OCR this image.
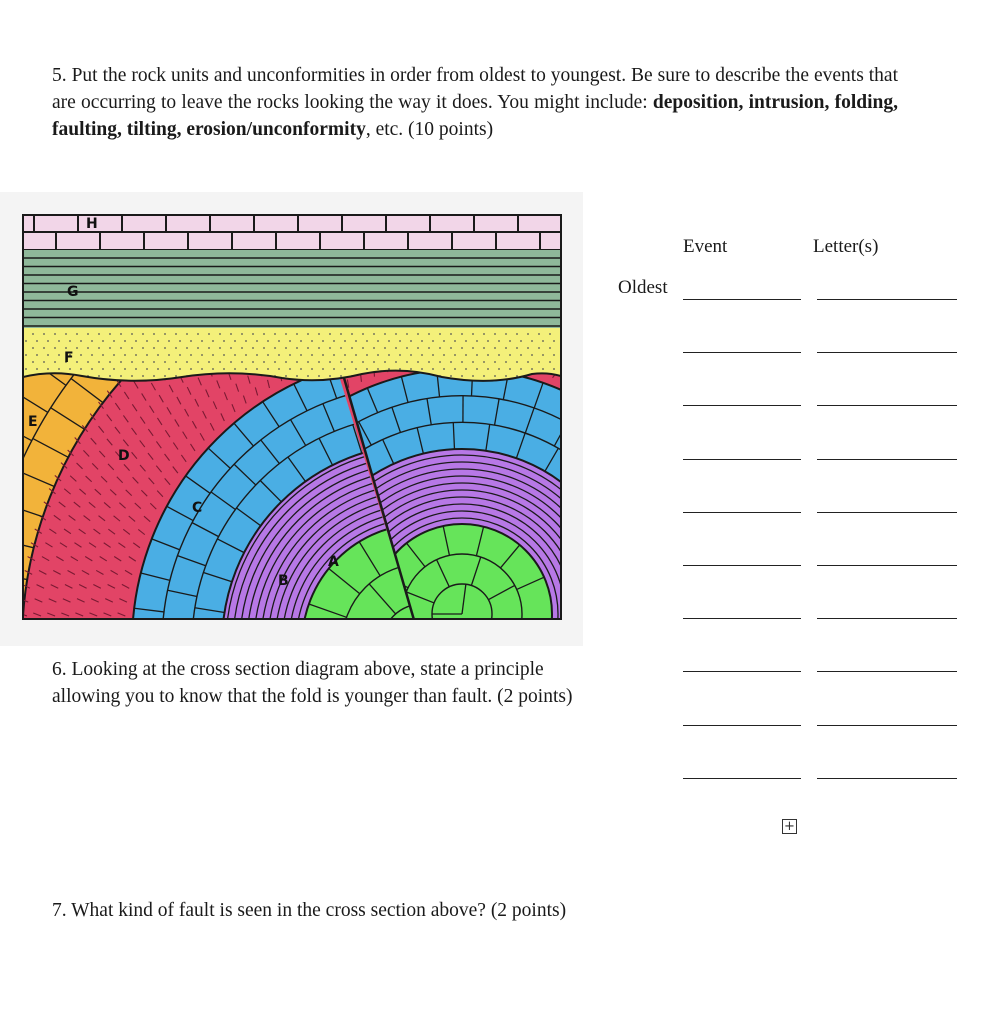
5. Put the rock units and unconformities in order from oldest to youngest. Be sure to describe the events that are occurring to leave the rocks looking the way it does. You might include: deposition, intrusion, folding, faulting, tilting, erosion/unconformity, etc. (10 points)
H
G
F
E
D
C
B
A
Event	Letter(s)
Oldest
6. Looking at the cross section diagram above, state a principle allowing you to know that the fold is younger than fault. (2 points)
+
7. What kind of fault is seen in the cross section above? (2 points)
